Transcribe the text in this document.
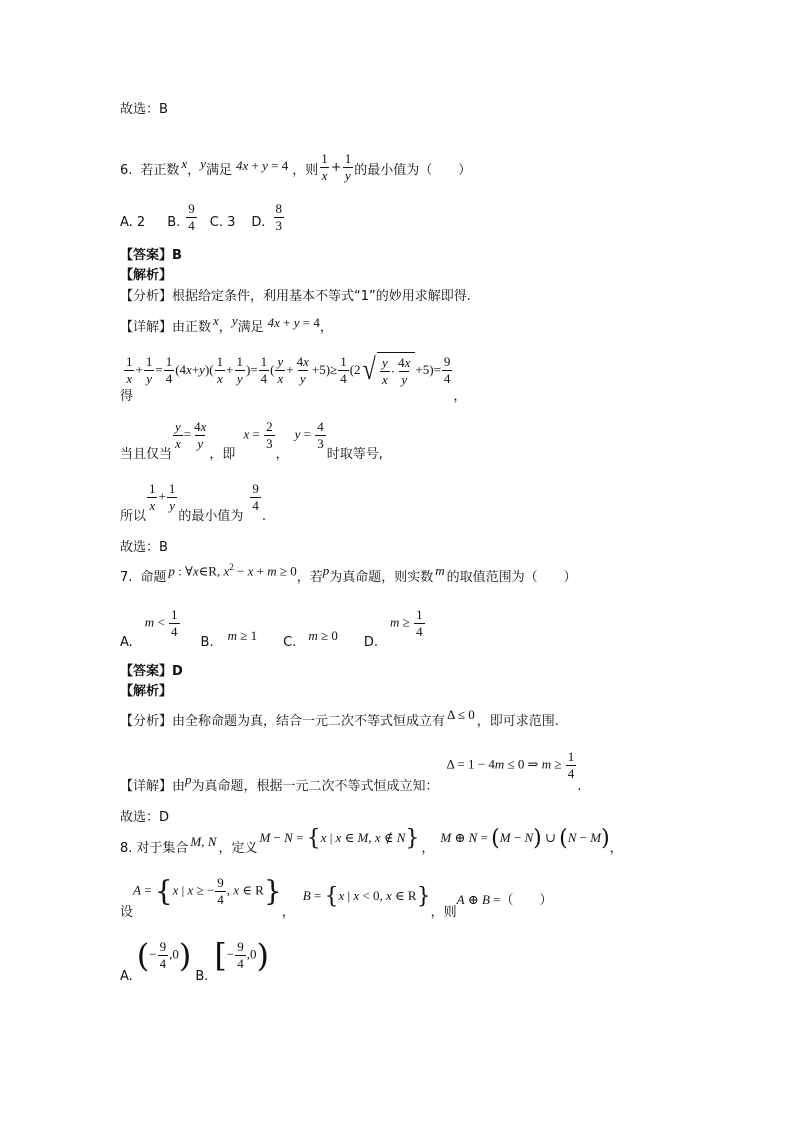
故选：B
6. 若正数 x ， y 满足 4x + y = 4 ，则 $\frac{1}{x} + \frac{1}{y}$ 的最小值为（　　）
A. 2 B. $\frac{9}{4} C$. 3 D. $\frac{8}{3}$
【答案】B
【解析】
【分析】根据给定条件，利用基本不等式“1”的妙用求解即得.
【详解】由正数 x ， y 满足 4x + y = 4 ，
得
$\frac{1}{x} + \frac{1}{y} = \frac{1}{4} (4$ x + y )( $\frac{1}{x} + \frac{1}{y}$ )= $\frac{1}{4}$ ( $\frac{y}{x} + \frac{4x}{y} +5)\ge \frac{1}{4} (2$ √ $\frac{y}{x} \cdot \frac{4x}{y} +5)= \frac{9}{4}$
，
当且仅当
$\frac{y}{x} = \frac{4x}{y}$
，即
$x = \frac{2}{3}$
，
$y = \frac{4}{3}$
时取等号,
所以
$\frac{1}{x} + \frac{1}{y}$
的最小值为
$\frac{9}{4}$
.
故选：B
7. 命题 p : ∀x∈R, $x^2 - x + m \ge 0$ ，若 p 为真命题，则实数 m 的取值范围为（　　）
A.
$m < \frac{1}{4}$
B. m ≥ 1 C. m ≥ 0 D.
$m \ge \frac{1}{4}$
【答案】D
【解析】
【分析】由全称命题为真，结合一元二次不等式恒成立有 Δ ≤ 0 ，即可求范围.
【详解】由 p 为真命题，根据一元二次不等式恒成立知：
Δ = 1 − 4m ≤ 0 ⇒ $m \ge \frac{1}{4}$
.
故选：D
8. 对于集合 M, N ，定义
M − N = {x | x ∈ M, x ∉ N} ，
M ⊕ N = (M − N) ∪ (N − M) ，
设
A = {x | x ≥ − $\frac{9}{4}$ , x ∈ R}
，
B = {x | x < 0, x ∈ R}
，则
A ⊕ B = （　　）
A.
(− $\frac{9}{4} ,0$)
B.
[− $\frac{9}{4} ,0$)
